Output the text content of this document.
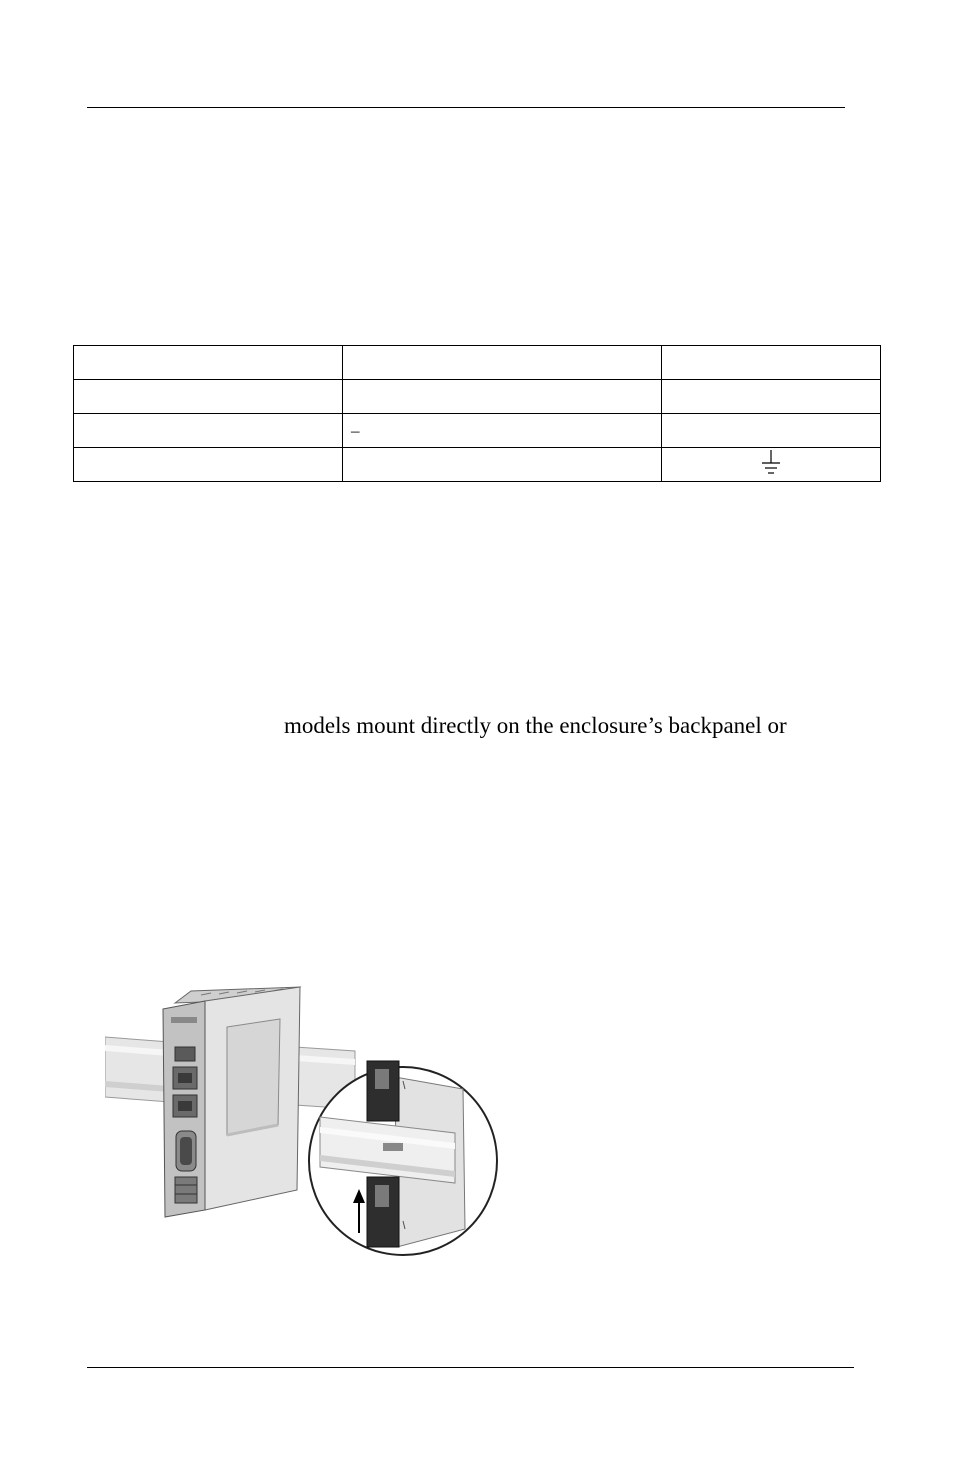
	–	

models mount directly on the enclosure’s backpanel or
